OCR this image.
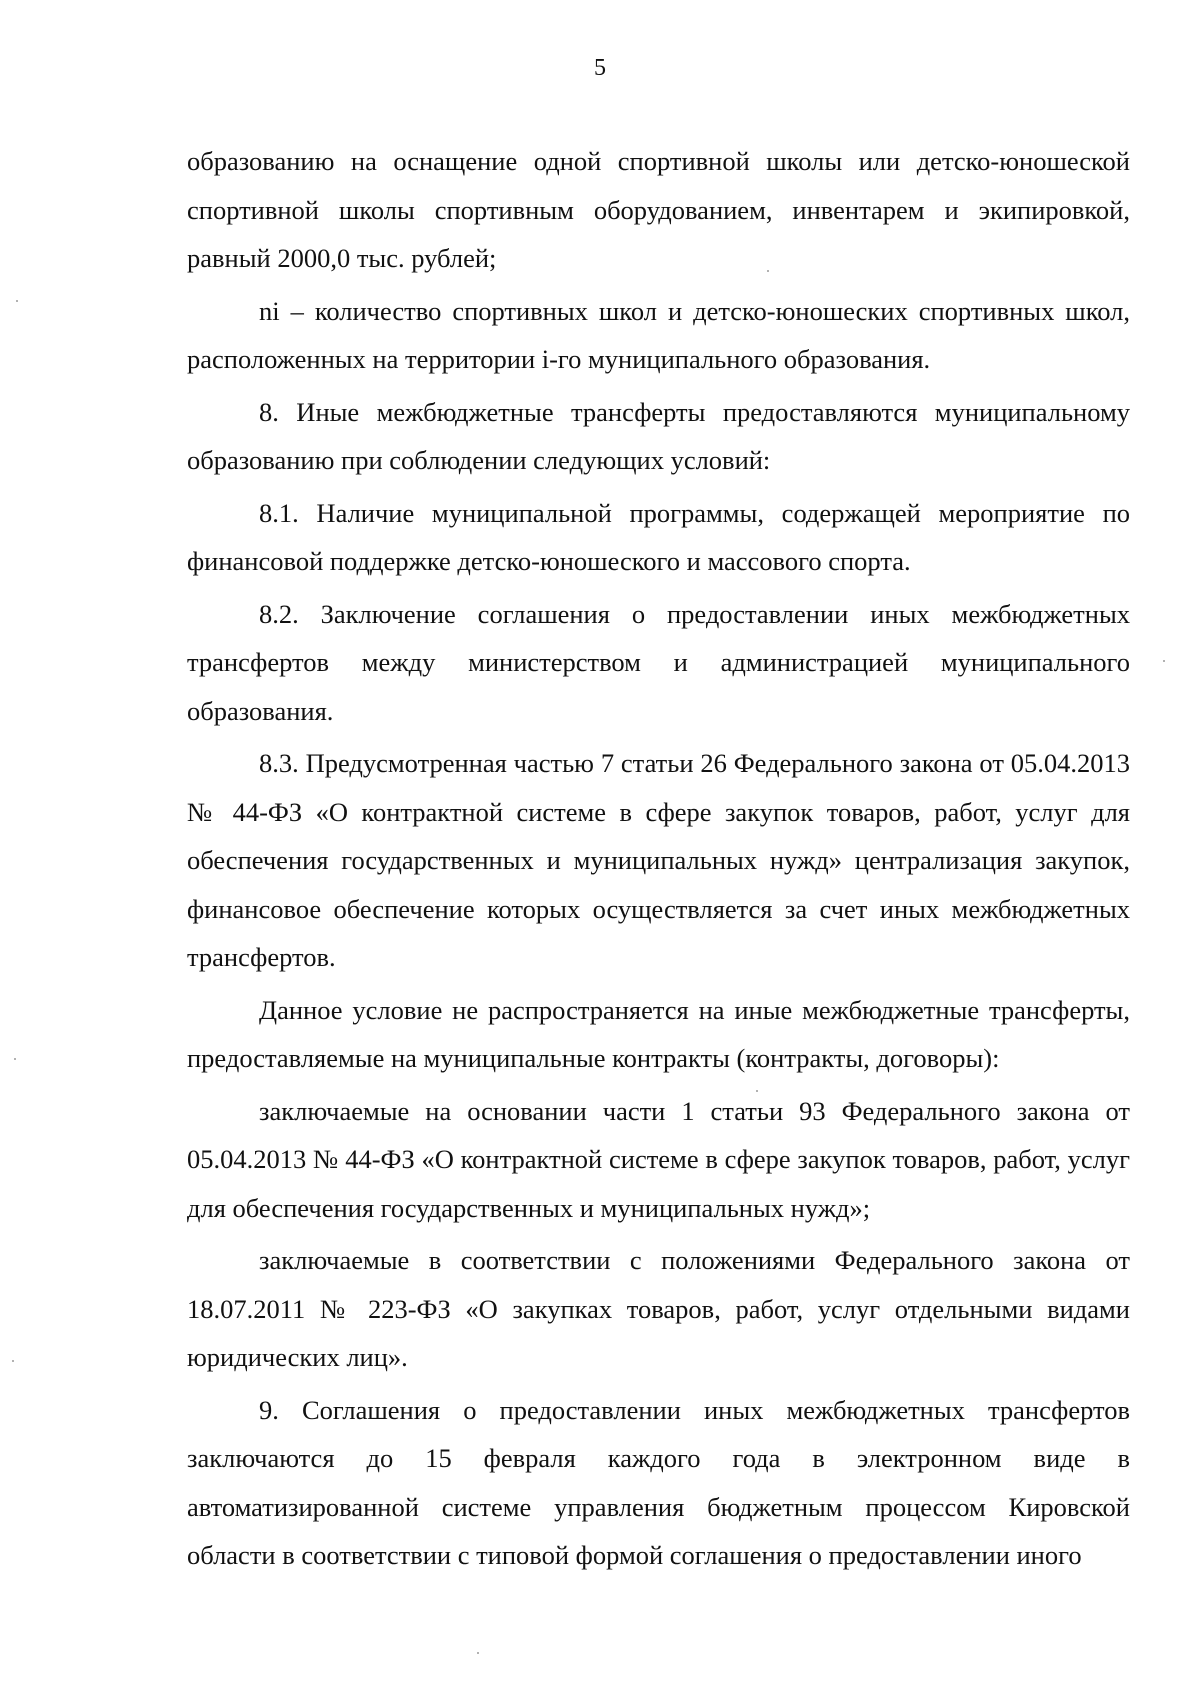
5

образованию на оснащение одной спортивной школы или детско-юношеской спортивной школы спортивным оборудованием, инвентарем и экипировкой, равный 2000,0 тыс. рублей;

ni – количество спортивных школ и детско-юношеских спортивных школ, расположенных на территории i-го муниципального образования.

8. Иные межбюджетные трансферты предоставляются муниципальному образованию при соблюдении следующих условий:

8.1. Наличие муниципальной программы, содержащей мероприятие по финансовой поддержке детско-юношеского и массового спорта.

8.2. Заключение соглашения о предоставлении иных межбюджетных трансфертов между министерством и администрацией муниципального образования.

8.3. Предусмотренная частью 7 статьи 26 Федерального закона от 05.04.2013 № 44-ФЗ «О контрактной системе в сфере закупок товаров, работ, услуг для обеспечения государственных и муниципальных нужд» централизация закупок, финансовое обеспечение которых осуществляется за счет иных межбюджетных трансфертов.

Данное условие не распространяется на иные межбюджетные трансферты, предоставляемые на муниципальные контракты (контракты, договоры):

заключаемые на основании части 1 статьи 93 Федерального закона от 05.04.2013 № 44-ФЗ «О контрактной системе в сфере закупок товаров, работ, услуг для обеспечения государственных и муниципальных нужд»;

заключаемые в соответствии с положениями Федерального закона от 18.07.2011 № 223-ФЗ «О закупках товаров, работ, услуг отдельными видами юридических лиц».

9. Соглашения о предоставлении иных межбюджетных трансфертов заключаются до 15 февраля каждого года в электронном виде в автоматизированной системе управления бюджетным процессом Кировской области в соответствии с типовой формой соглашения о предоставлении иного
